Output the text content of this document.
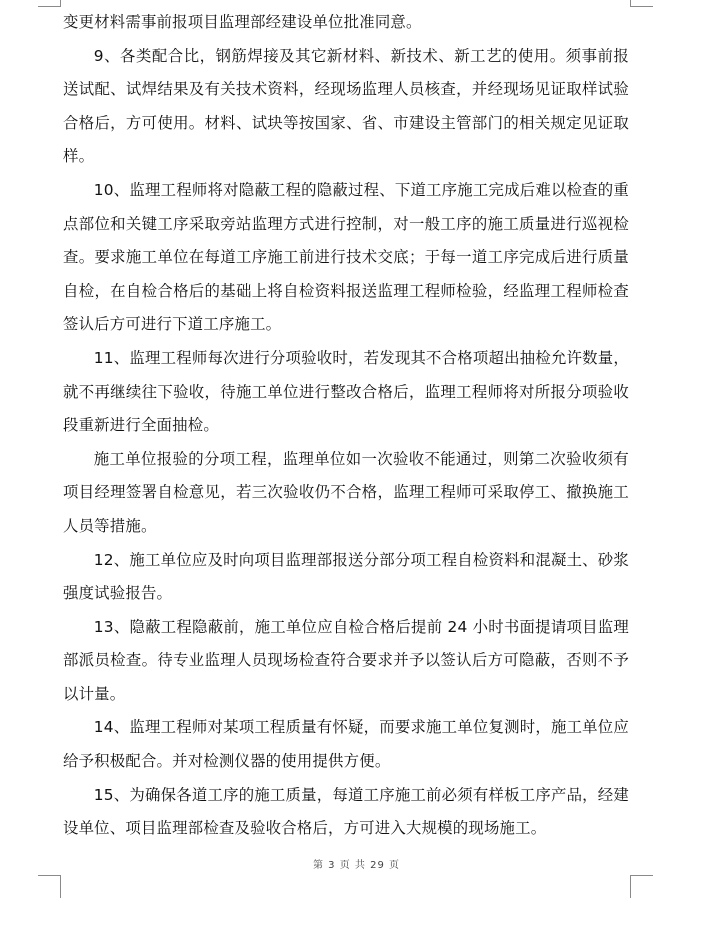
变更材料需事前报项目监理部经建设单位批准同意。

9、各类配合比，钢筋焊接及其它新材料、新技术、新工艺的使用。须事前报送试配、试焊结果及有关技术资料，经现场监理人员核查，并经现场见证取样试验合格后，方可使用。材料、试块等按国家、省、市建设主管部门的相关规定见证取样。

10、监理工程师将对隐蔽工程的隐蔽过程、下道工序施工完成后难以检查的重点部位和关键工序采取旁站监理方式进行控制，对一般工序的施工质量进行巡视检查。要求施工单位在每道工序施工前进行技术交底；于每一道工序完成后进行质量自检，在自检合格后的基础上将自检资料报送监理工程师检验，经监理工程师检查签认后方可进行下道工序施工。

11、监理工程师每次进行分项验收时，若发现其不合格项超出抽检允许数量，就不再继续往下验收，待施工单位进行整改合格后，监理工程师将对所报分项验收段重新进行全面抽检。

施工单位报验的分项工程，监理单位如一次验收不能通过，则第二次验收须有项目经理签署自检意见，若三次验收仍不合格，监理工程师可采取停工、撤换施工人员等措施。

12、施工单位应及时向项目监理部报送分部分项工程自检资料和混凝土、砂浆强度试验报告。

13、隐蔽工程隐蔽前，施工单位应自检合格后提前 24 小时书面提请项目监理部派员检查。待专业监理人员现场检查符合要求并予以签认后方可隐蔽，否则不予以计量。

14、监理工程师对某项工程质量有怀疑，而要求施工单位复测时，施工单位应给予积极配合。并对检测仪器的使用提供方便。

15、为确保各道工序的施工质量，每道工序施工前必须有样板工序产品，经建设单位、项目监理部检查及验收合格后，方可进入大规模的现场施工。

第 3 页 共 29 页
